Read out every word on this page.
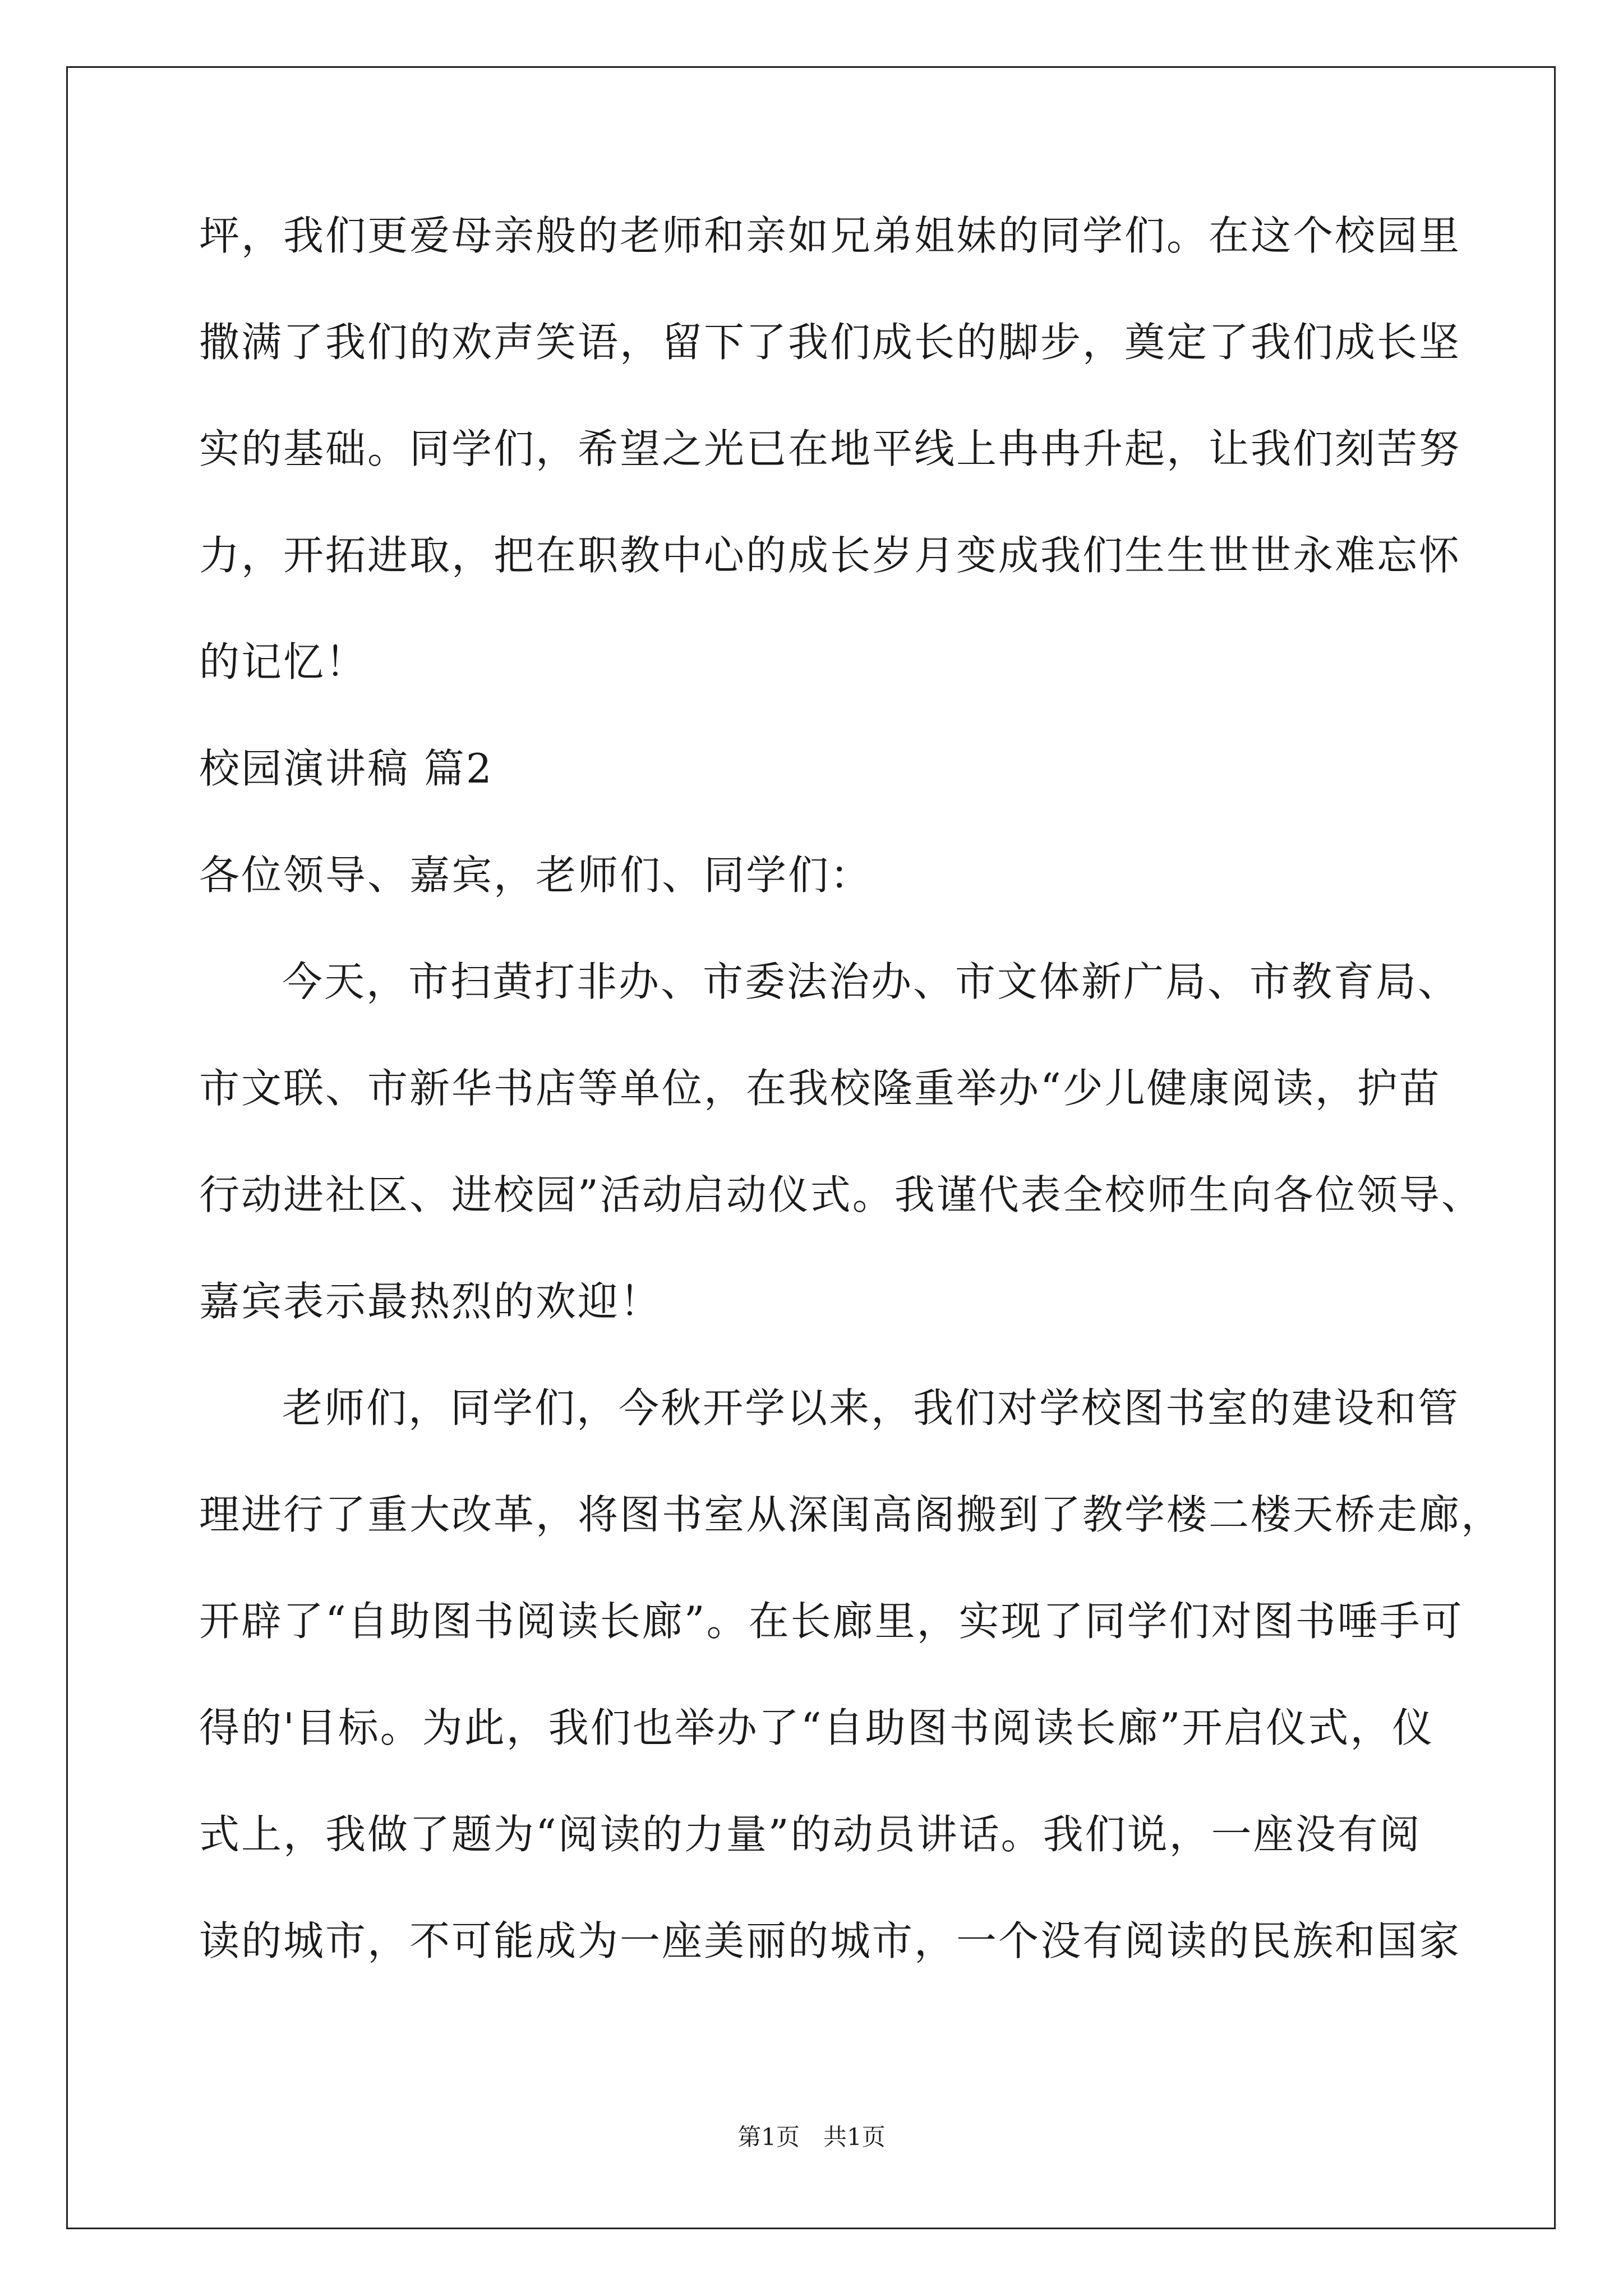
坪，我们更爱母亲般的老师和亲如兄弟姐妹的同学们。在这个校园里
撒满了我们的欢声笑语，留下了我们成长的脚步，奠定了我们成长坚
实的基础。同学们，希望之光已在地平线上冉冉升起，让我们刻苦努
力，开拓进取，把在职教中心的成长岁月变成我们生生世世永难忘怀
的记忆！
校园演讲稿 篇2
各位领导、嘉宾，老师们、同学们：
今天，市扫黄打非办、市委法治办、市文体新广局、市教育局、
市文联、市新华书店等单位，在我校隆重举办“少儿健康阅读，护苗
行动进社区、进校园”活动启动仪式。我谨代表全校师生向各位领导、
嘉宾表示最热烈的欢迎！
老师们，同学们，今秋开学以来，我们对学校图书室的建设和管
理进行了重大改革，将图书室从深闺高阁搬到了教学楼二楼天桥走廊，
开辟了“自助图书阅读长廊”。在长廊里，实现了同学们对图书唾手可
得的'目标。为此，我们也举办了“自助图书阅读长廊”开启仪式，仪
式上，我做了题为“阅读的力量”的动员讲话。我们说，一座没有阅
读的城市，不可能成为一座美丽的城市，一个没有阅读的民族和国家
第1页　共1页
